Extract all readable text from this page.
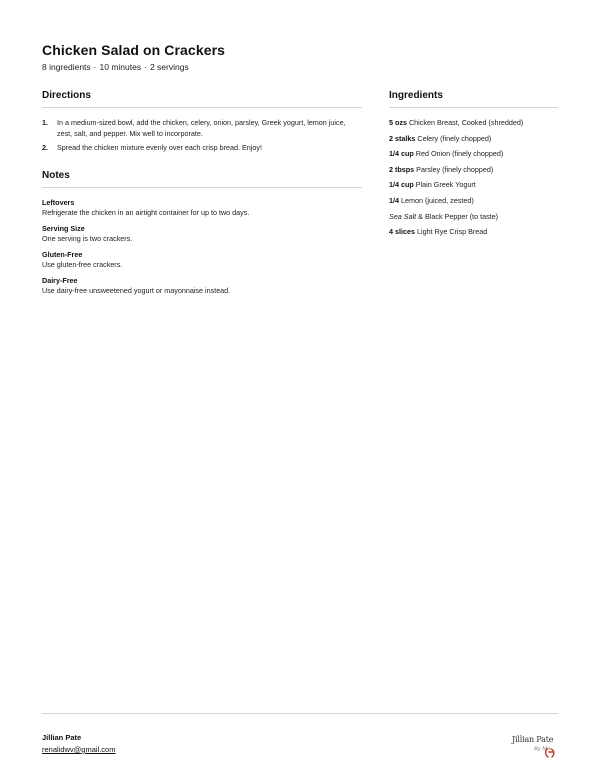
Chicken Salad on Crackers
8 ingredients · 10 minutes · 2 servings
Directions
1. In a medium-sized bowl, add the chicken, celery, onion, parsley, Greek yogurt, lemon juice, zest, salt, and pepper. Mix well to incorporate.
2. Spread the chicken mixture evenly over each crisp bread. Enjoy!
Notes
Leftovers
Refrigerate the chicken in an airtight container for up to two days.
Serving Size
One serving is two crackers.
Gluten-Free
Use gluten-free crackers.
Dairy-Free
Use dairy-free unsweetened yogurt or mayonnaise instead.
Ingredients
5 ozs Chicken Breast, Cooked (shredded)
2 stalks Celery (finely chopped)
1/4 cup Red Onion (finely chopped)
2 tbsps Parsley (finely chopped)
1/4 cup Plain Greek Yogurt
1/4 Lemon (juiced, zested)
Sea Salt & Black Pepper (to taste)
4 slices Light Rye Crisp Bread
Jillian Pate
renalidwv@gmail.com
Jillian Pate
By Me
